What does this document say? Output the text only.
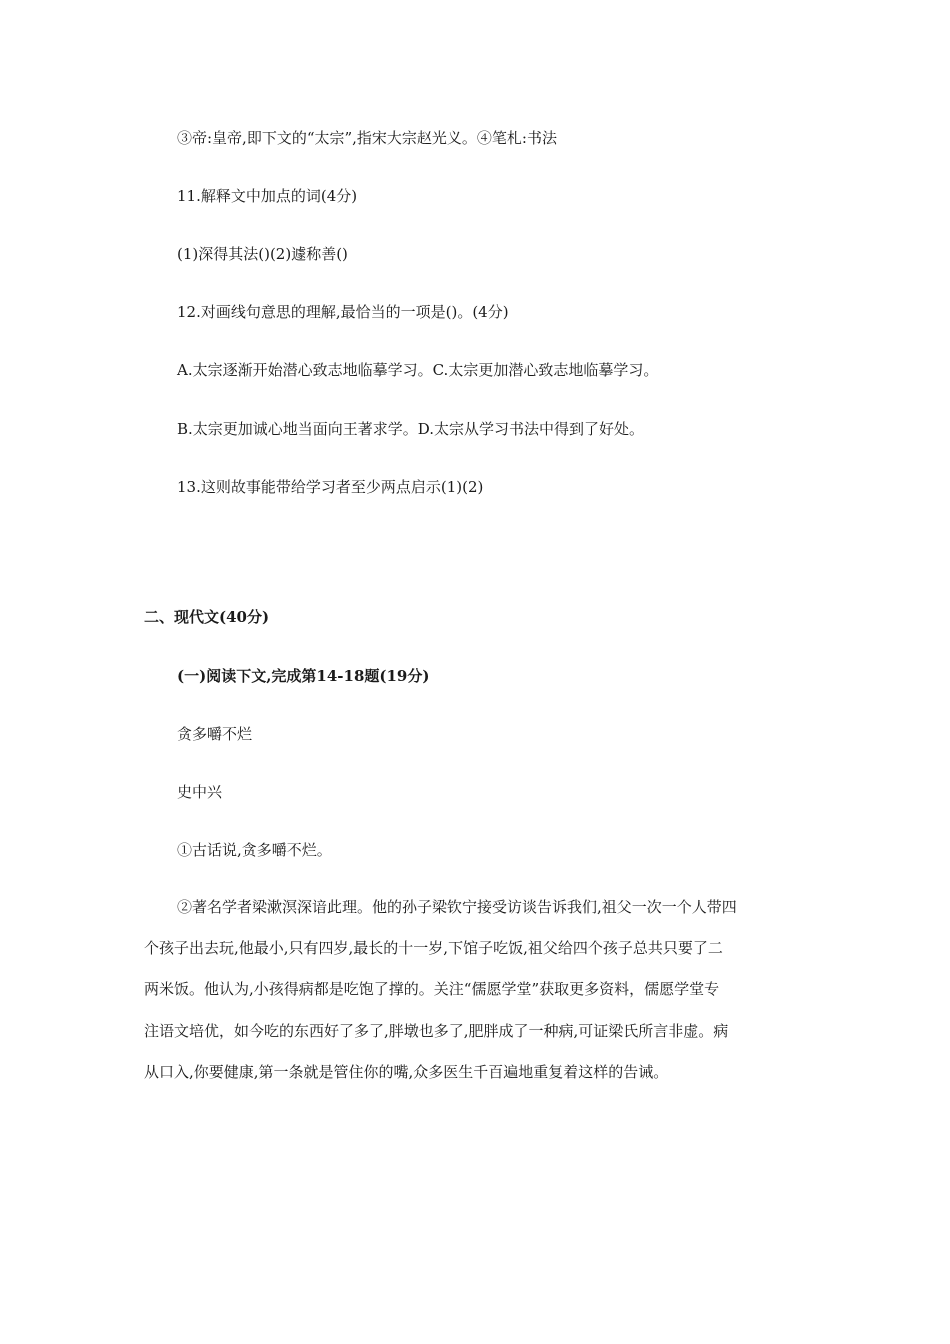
③帝:皇帝,即下文的“太宗”,指宋大宗赵光义。④笔札:书法
11.解释文中加点的词(4分)
(1)深得其法()(2)遽称善()
12.对画线句意思的理解,最恰当的一项是()。(4分)
A.太宗逐渐开始潜心致志地临摹学习。C.太宗更加潜心致志地临摹学习。
B.太宗更加诚心地当面向王著求学。D.太宗从学习书法中得到了好处。
13.这则故事能带给学习者至少两点启示(1)(2)
二、现代文(40分)
(一)阅读下文,完成第14-18题(19分)
贪多嚼不烂
史中兴
①古话说,贪多嚼不烂。
②著名学者梁漱溟深谙此理。他的孙子梁钦宁接受访谈告诉我们,祖父一次一个人带四
个孩子出去玩,他最小,只有四岁,最长的十一岁,下馆子吃饭,祖父给四个孩子总共只要了二
两米饭。他认为,小孩得病都是吃饱了撑的。关注“儒愿学堂”获取更多资料，儒愿学堂专
注语文培优，如今吃的东西好了多了,胖墩也多了,肥胖成了一种病,可证梁氏所言非虚。病
从口入,你要健康,第一条就是管住你的嘴,众多医生千百遍地重复着这样的告诫。
